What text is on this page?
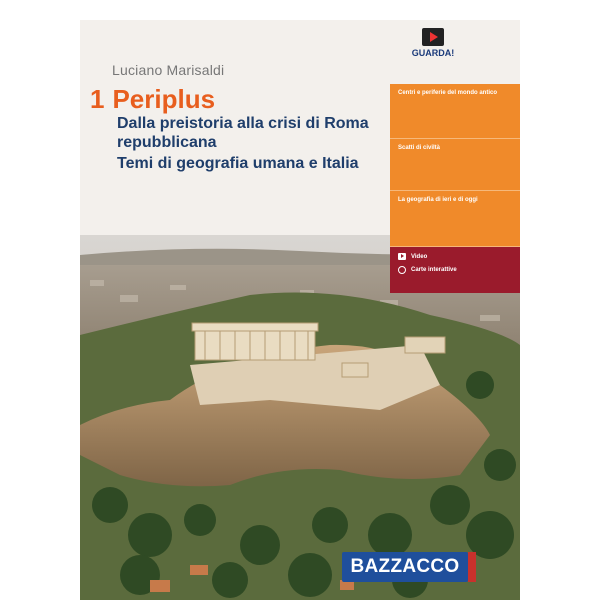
Luciano Marisaldi
1 Periplus
Dalla preistoria alla crisi di Roma repubblicana
Temi di geografia umana e Italia
GUARDA!
Centri e periferie del mondo antico
Scatti di civiltà
La geografia di ieri e di oggi
Video
Carte interattive
BAZZACCO
